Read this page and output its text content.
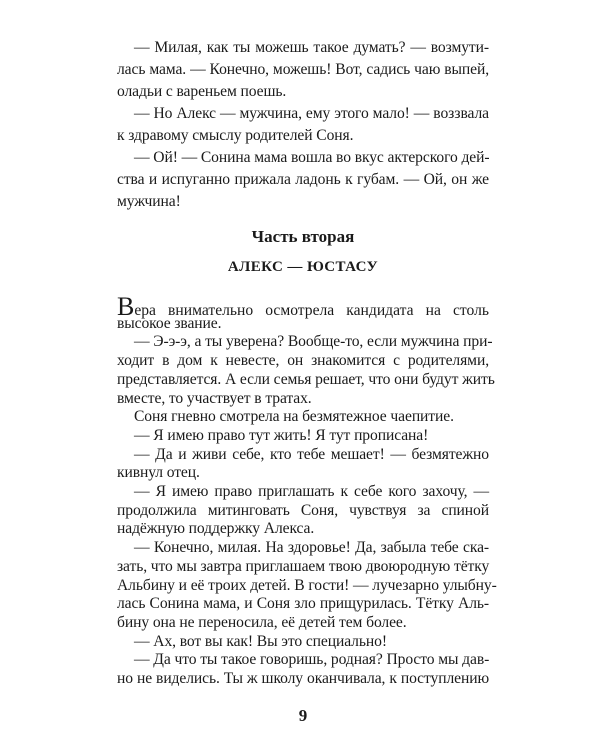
— Милая, как ты можешь такое думать? — возмути-

лась мама. — Конечно, можешь! Вот, садись чаю выпей,

оладьи с вареньем поешь.

— Но Алекс — мужчина, ему этого мало! — воззвала

к здравому смыслу родителей Соня.

— Ой! — Сонина мама вошла во вкус актерского дей-

ства и испуганно прижала ладонь к губам. — Ой, он же

мужчина!

Часть вторая
АЛЕКС — ЮСТАСУ

Вера внимательно осмотрела кандидата на столь

высокое звание.

— Э-э-э, а ты уверена? Вообще-то, если мужчина при-

ходит в дом к невесте, он знакомится с родителями,

представляется. А если семья решает, что они будут жить

вместе, то участвует в тратах.

Соня гневно смотрела на безмятежное чаепитие.

— Я имею право тут жить! Я тут прописана!

— Да и живи себе, кто тебе мешает! — безмятежно

кивнул отец.

— Я имею право приглашать к себе кого захочу, —

продолжила митинговать Соня, чувствуя за спиной

надёжную поддержку Алекса.

— Конечно, милая. На здоровье! Да, забыла тебе ска-

зать, что мы завтра приглашаем твою двоюродную тётку

Альбину и её троих детей. В гости! — лучезарно улыбну-

лась Сонина мама, и Соня зло прищурилась. Тётку Аль-

бину она не переносила, её детей тем более.

— Ах, вот вы как! Вы это специально!

— Да что ты такое говоришь, родная? Просто мы дав-

но не виделись. Ты ж школу оканчивала, к поступлению

9
